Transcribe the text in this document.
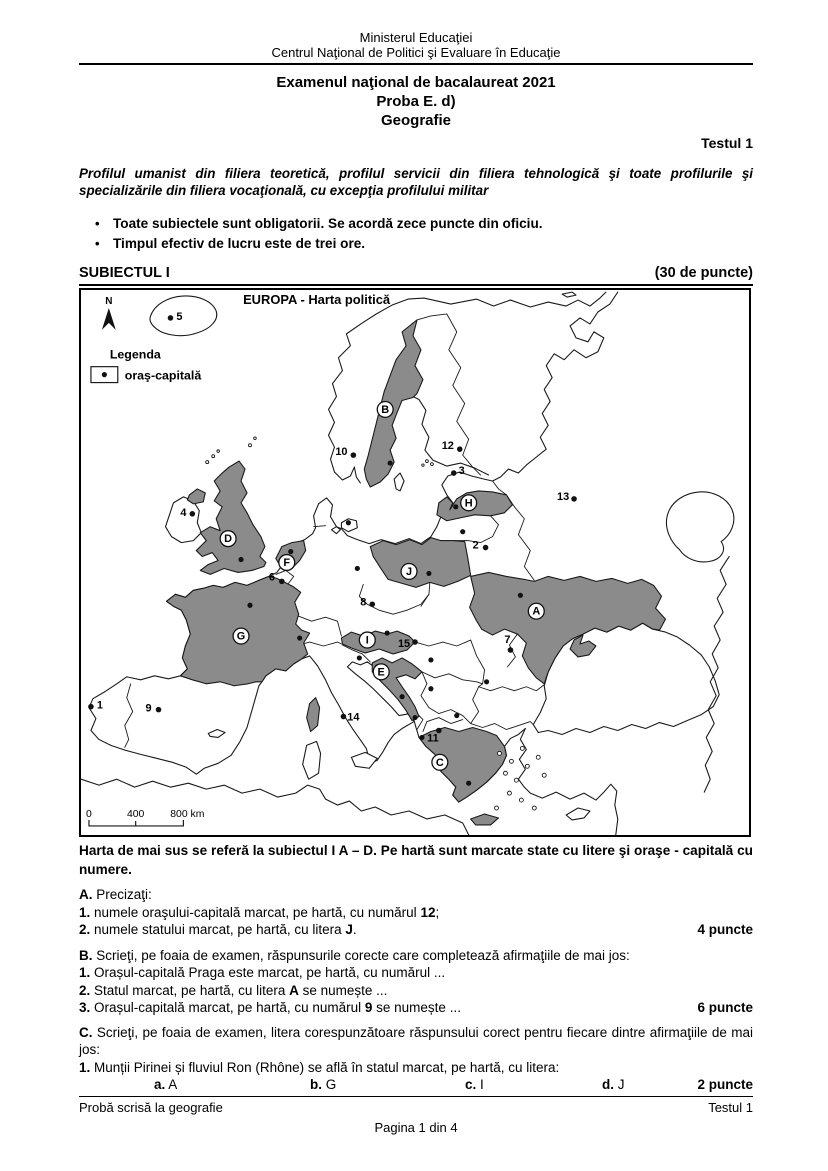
Ministerul Educaţiei
Centrul Naţional de Politici şi Evaluare în Educaţie
Examenul naţional de bacalaureat 2021
Proba E. d)
Geografie
Testul 1
Profilul umanist din filiera teoretică, profilul servicii din filiera tehnologică şi toate profilurile şi specializările din filiera vocaţională, cu excepţia profilului militar
• Toate subiectele sunt obligatorii. Se acordă zece puncte din oficiu.
• Timpul efectiv de lucru este de trei ore.
SUBIECTUL I	(30 de puncte)
EUROPA - Harta politică
N
Legenda
oraş-capitală
0	400 800 km
1
2
3
4
5
6
7
8
9
10
11
12
13
14
15
A
B
C
D
E
F
G
H
I
J
Harta de mai sus se referă la subiectul I A – D. Pe hartă sunt marcate state cu litere şi oraşe - capitală cu numere.
A. Precizaţi:
1. numele oraşului-capitală marcat, pe hartă, cu numărul 12;
2. numele statului marcat, pe hartă, cu litera J.	4 puncte
B. Scrieţi, pe foaia de examen, răspunsurile corecte care completează afirmaţiile de mai jos:
1. Orașul-capitală Praga este marcat, pe hartă, cu numărul ...
2. Statul marcat, pe hartă, cu litera A se numește ...
3. Orașul-capitală marcat, pe hartă, cu numărul 9 se numește ...	6 puncte
C. Scrieţi, pe foaia de examen, litera corespunzătoare răspunsului corect pentru fiecare dintre afirmaţiile de mai jos:
1. Munții Pirinei și fluviul Ron (Rhône) se află în statul marcat, pe hartă, cu litera:
a. A	b. G	c. I	d. J	2 puncte
Probă scrisă la geografie	Testul 1
Pagina 1 din 4
